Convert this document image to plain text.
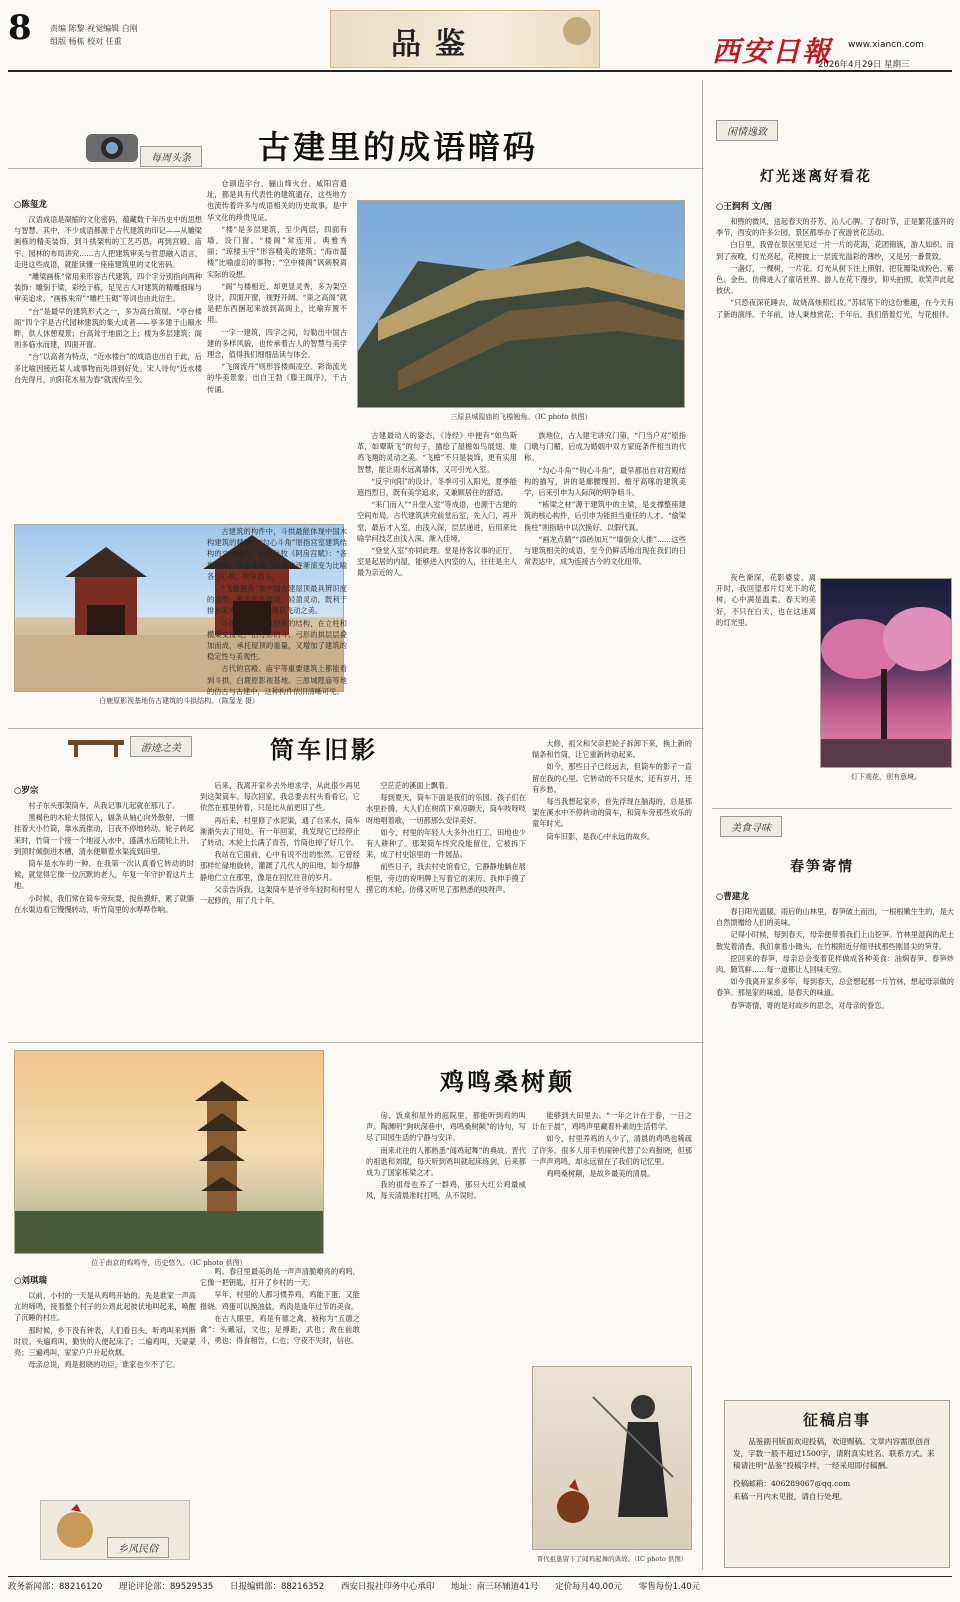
8 责编 陈黎 视觉编辑 白刚
组版 杨栋 校对 任重	品鉴	西安日報 www.xiancn.com
2026年4月29日 星期三
每周头条	古建里的成语暗码
○陈玺龙

汉语成语是凝缩的文化密码，蕴藏数千年历史中的思想与智慧。其中，不少成语都源于古代建筑的印记——从雕梁画栋的精美装饰，到斗拱架构的工艺巧思，再到宫殿、庙宇、园林的布局讲究……古人把建筑审美与哲思融入语言，走进这些成语，就能读懂一座座建筑里的文化密码。

“雕梁画栋”常用来形容古代建筑，四个字分别指向两种装饰：雕刻于梁，彩绘于栋，足见古人对建筑的精雕细琢与审美追求。“画栋朱帘”“雕栏玉砌”等词也由此衍生。

“台”是最早的建筑形式之一，多为高台筑屋。“亭台楼阁”四个字是古代园林建筑的集大成者——亭多建于山巅水畔，供人休憩观景；台高耸于地面之上；楼为多层建筑；阁则多临水而建，四面开窗。

“台”以高者为特点，“近水楼台”的成语也出自于此，后多比喻因接近某人或事物而先得到好处。宋人诗句“近水楼台先得月，向阳花木易为春”就流传至今。

白鹿原影视基地仿古建筑的斗拱结构。（陈玺龙 摄）

仓颉造字台、骊山烽火台、咸阳宫遗址，都是具有代表性的建筑遗存，这些地方也流传着许多与成语相关的历史故事，是中华文化的珍贵见证。

“楼”是多层建筑，至少两层，四面有墙，设门窗。“楼阁”常连用，典雅秀丽；“琼楼玉宇”形容精美的建筑；“海市蜃楼”比喻虚幻的事物；“空中楼阁”讽刺脱离实际的设想。

“阁”与楼相近，却更显灵秀，多为架空设计，四面开窗，视野开阔。“束之高阁”就是把东西捆起来放到高阁上，比喻弃置不用。

一字一建筑，四字之间，勾勒出中国古建的多样风貌，也传承着古人的智慧与美学理念，值得我们细细品读与体会。

“飞阁流丹”则形容楼阁凌空、彩饰流光的华美景象，出自王勃《滕王阁序》，千古传诵。

三原县城隍庙的飞檐翘角。（IC photo 供图）

古建筑的构件中，斗拱最能体现中国木构建筑的精妙。“勾心斗角”原指宫室建筑结构的交错精巧，出自杜牧《阿房宫赋》：“各抱地势，钩心斗角。”后来才逐渐演变为比喻各用心机、明争暗斗。

“飞檐翘角”是中国古建屋顶最具辨识度的造型，檐角如鸟展翅，轻盈灵动，既利于排水采光，又赋予建筑以飞动之美。

斗拱是中国建筑特有的结构，在立柱和横梁交接处，由方形的斗、弓形的拱层层叠加而成，承托屋顶的重量，又增加了建筑的稳定性与美观性。

古代的宫殿、庙宇等重要建筑上都能看到斗拱，白鹿原影视基地、三原城隍庙等地的仿古与古建中，这种构件依旧清晰可见。

古建最动人的姿态，《诗经》中便有“如鸟斯革，如翚斯飞”的句子，描绘了屋檐如鸟展翅、雉鸡飞翔的灵动之美。“飞檐”不只是装饰，更有实用智慧，能让雨水远离墙体，又可引光入室。

“反宇向阳”的设计，冬季可引入阳光，夏季能遮挡烈日，既有美学追求，又兼顾居住的舒适。

“来门而入”“升堂入室”等成语，也源于古建的空间布局。古代建筑讲究前堂后室，先入门，再升堂，最后才入室，由浅入深，层层递进，后用来比喻学问技艺由浅入深、渐入佳境。

“登堂入室”亦同此理。堂是待客议事的正厅，室是起居的内屋，能够进入内室的人，往往是主人最为亲近的人。

族地位，古人建宅讲究门第，“门当户对”原指门墩与门楣，后成为婚姻中双方家庭条件相当的代称。

“勾心斗角”“钩心斗角”，最早都出自对宫殿结构的描写，讲的是廊腰缦回、檐牙高啄的建筑美学，后来引申为人际间的明争暗斗。

“栋梁之材”源于建筑中的主梁，是支撑整座建筑的核心构件，后引申为能担当重任的人才。“偷梁换柱”则指暗中以次换好、以假代真。

“画龙点睛”“添砖加瓦”“墙倒众人推”……这些与建筑相关的成语，至今仍鲜活地出现在我们的日常表达中，成为连接古今的文化纽带。

闲情逸致
灯光迷离好看花
○王润利 文/图

和煦的微风，送起春天的芬芳，沁人心脾。了春时节，正是繁花盛开的季节，西安的许多公园、景区都举办了夜游赏花活动。

白日里，我曾在景区里见过一片一片的花海，花团锦簇，游人如织。而到了夜晚，灯光亮起，花树披上一层流光溢彩的薄纱，又是另一番景致。

一盏灯，一棵树，一片花。灯光从树下往上照射，把花瓣染成粉色、紫色、金色，仿佛进入了童话世界。游人在花下漫步，仰头拍照，欢笑声此起彼伏。

“只恐夜深花睡去，故烧高烛照红妆。”苏轼笔下的这份雅趣，在今天有了新的演绎。千年前，诗人秉烛赏花；千年后，我们借着灯光，与花相伴。

夜色渐深，花影婆娑。离开时，我回望那片灯光下的花树，心中满是温柔。春天的美好，不只在白天，也在这迷离的灯光里。

灯下观花，别有意境。
游迹之美	筒车旧影
○罗宗

村子东头那架筒车，从我记事儿起就在那儿了。

黑褐色的木轮大得惊人，辐条从轴心向外散射，一圈挂着大小竹筒，靠水流推动，日夜不停地转动。轮子转起来时，竹筒一个接一个地浸入水中，盛满水后随轮上升，到顶时倾倒进木槽，清水便顺着水渠流到田里。

筒车是水车的一种，在我第一次认真看它转动的时候，就觉得它像一位沉默的老人，年复一年守护着这片土地。

小时候，我们常在筒车旁玩耍，捉鱼摸虾，累了就躺在水渠边看它慢慢转动，听竹筒里的水哗哗作响。

后来，我离开家乡去外地求学，从此很少再见到这架筒车。每次回家，我总要去村头看看它，它依然在那里转着，只是比从前更旧了些。

再后来，村里修了水泥渠，通了自来水，筒车渐渐失去了用处。有一年回家，我发现它已经停止了转动，木轮上长满了青苔，竹筒也掉了好几个。

我站在它面前，心中有说不出的怅然。它曾经那样忙碌地旋转，灌溉了几代人的田地，如今却静静地伫立在那里，像是在回忆往昔的岁月。

父亲告诉我，这架筒车是爷爷年轻时和村里人一起修的，用了几十年。

空茫茫的溪面上飘着。

每到夏天，筒车下面是我们的乐园。孩子们在水里扑腾，大人们在树荫下乘凉聊天，筒车吱呀吱呀地唱着歌，一切都那么安详美好。

如今，村里的年轻人大多外出打工，田地也少有人耕种了。那架筒车终究没能留住，它被拆下来，成了村史馆里的一件展品。

前些日子，我去村史馆看它，它静静地躺在展柜里，旁边的说明牌上写着它的来历。我伸手摸了摸它的木轮，仿佛又听见了那熟悉的吱呀声。

大修，祖父和父亲把轮子拆卸下来，换上新的辐条和竹筒，让它重新转动起来。

如今，那些日子已经远去，但筒车的影子一直留在我的心里。它转动的不只是水，还有岁月，还有乡愁。

每当我想起家乡，首先浮现在脑海的，总是那架在溪水中不停转动的筒车，和筒车旁那些欢乐的童年时光。

筒车旧影，是我心中永远的故乡。

美食寻味
春笋寄情
○曹建龙

春日阳光温暖，雨后的山林里，春笋破土而出，一根根嫩生生的，是大自然馈赠给人们的美味。

记得小时候，每到春天，母亲便带着我们上山挖笋。竹林里湿润的泥土散发着清香，我们拿着小锄头，在竹根附近仔细寻找那些刚冒尖的笋芽。

挖回来的春笋，母亲总会变着花样做成各种美食：油焖春笋、春笋炒肉、腌笃鲜……每一道都让人回味无穷。

如今我离开家乡多年，每到春天，总会想起那一片竹林，想起母亲做的春笋。那是家的味道，是春天的味道。

春笋寄情，寄的是对故乡的思念，对母亲的眷恋。

位于南京的鸡鸣寺，历史悠久。（IC photo 供图）
鸡鸣桑树颠
○刘琪瑞

以前，小村的一天是从鸡鸣开始的。先是谁家一声高亢的啼鸣，接着整个村子的公鸡此起彼伏地叫起来，唤醒了沉睡的村庄。

那时候，乡下没有钟表，人们看日头、听鸡叫来判断时辰。头遍鸡叫，勤快的人便起床了；二遍鸡叫，天蒙蒙亮；三遍鸡叫，家家户户升起炊烟。

母亲总说，鸡是报晓的功臣，谁家也少不了它。

乡风民俗

鸣。春日里最美的是一声声清脆嘹亮的鸡鸣，它像一把钥匙，打开了乡村的一天。

早年，村里的人都习惯养鸡，鸡能下蛋，又能报晓。鸡蛋可以换油盐，鸡肉是逢年过节的美食。

在古人眼里，鸡是有德之禽，被称为“五德之禽”：头戴冠，文也；足搏距，武也；敌在前敢斗，勇也；得食相告，仁也；守夜不失时，信也。

房、饭桌和屋外的庭院里，都能听到鸡的叫声。陶渊明“狗吠深巷中，鸡鸣桑树颠”的诗句，写尽了田园生活的宁静与安详。

南来北往的人都熟悉“闻鸡起舞”的典故。晋代的祖逖和刘琨，每天听到鸡叫就起床练剑，后来都成为了国家栋梁之才。

我的祖母也养了一群鸡，那只大红公鸡最威风，每天清晨准时打鸣，从不误时。

能够到大田里去。“一年之计在于春，一日之计在于晨”，鸡鸣声里藏着朴素的生活哲学。

如今，村里养鸡的人少了，清晨的鸡鸣也稀疏了许多。很多人用手机闹钟代替了公鸡报晓，但那一声声鸡鸣，却永远留在了我们的记忆里。

鸡鸣桑树颠，是故乡最美的清晨。

晋代祖逖留下了闻鸡起舞的典故。（IC photo 供图）
征稿启事
品鉴副刊版面欢迎投稿，欢迎赐稿。文章内容需原创首发，字数一般不超过1500字，请附真实姓名、联系方式。来稿请注明“品鉴”投稿字样，一经采用即付稿酬。
投稿邮箱：406289067@qq.com
来稿一月内未见报，请自行处理。
政务新闻部：88216120 理论评论部：89529535 日报编辑部：88216352 西安日报社印务中心承印 地址：南三环辅道41号 定价每月40.00元 零售每份1.40元
